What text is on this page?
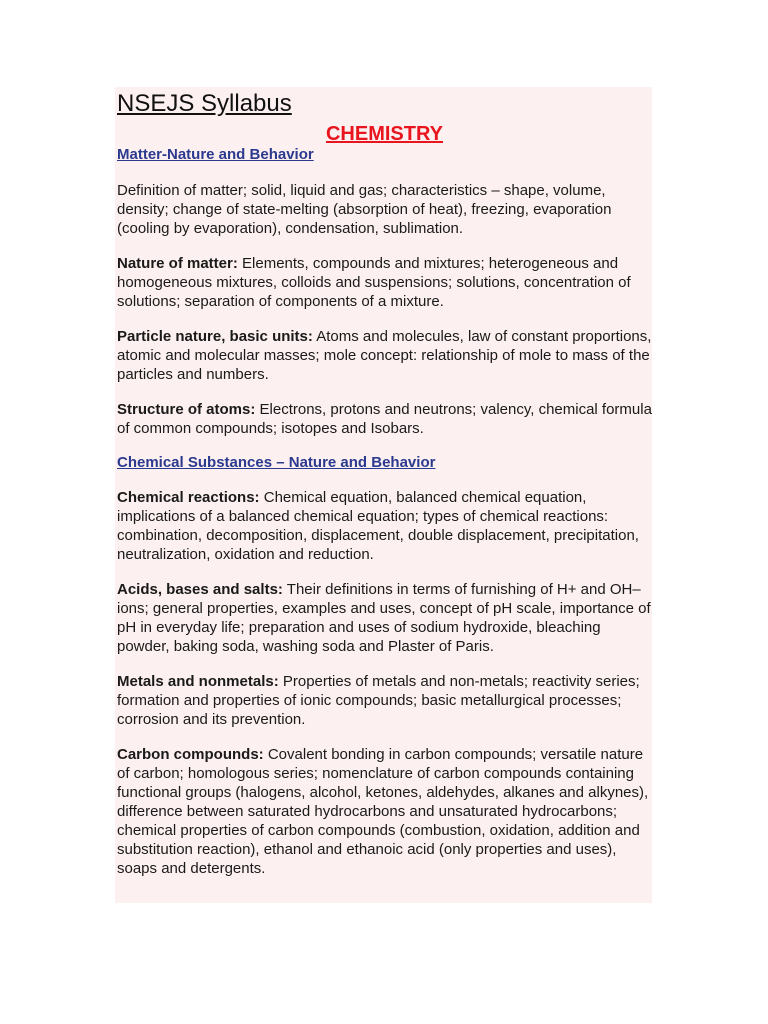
NSEJS Syllabus
CHEMISTRY
Matter-Nature and Behavior

Definition of matter; solid, liquid and gas; characteristics – shape, volume, density; change of state-melting (absorption of heat), freezing, evaporation (cooling by evaporation), condensation, sublimation.

Nature of matter: Elements, compounds and mixtures; heterogeneous and homogeneous mixtures, colloids and suspensions; solutions, concentration of solutions; separation of components of a mixture.

Particle nature, basic units: Atoms and molecules, law of constant proportions, atomic and molecular masses; mole concept: relationship of mole to mass of the particles and numbers.

Structure of atoms: Electrons, protons and neutrons; valency, chemical formula of common compounds; isotopes and Isobars.

Chemical Substances – Nature and Behavior

Chemical reactions: Chemical equation, balanced chemical equation, implications of a balanced chemical equation; types of chemical reactions: combination, decomposition, displacement, double displacement, precipitation, neutralization, oxidation and reduction.

Acids, bases and salts: Their definitions in terms of furnishing of H+ and OH– ions; general properties, examples and uses, concept of pH scale, importance of pH in everyday life; preparation and uses of sodium hydroxide, bleaching powder, baking soda, washing soda and Plaster of Paris.

Metals and nonmetals: Properties of metals and non-metals; reactivity series; formation and properties of ionic compounds; basic metallurgical processes; corrosion and its prevention.

Carbon compounds: Covalent bonding in carbon compounds; versatile nature of carbon; homologous series; nomenclature of carbon compounds containing functional groups (halogens, alcohol, ketones, aldehydes, alkanes and alkynes), difference between saturated hydrocarbons and unsaturated hydrocarbons; chemical properties of carbon compounds (combustion, oxidation, addition and substitution reaction), ethanol and ethanoic acid (only properties and uses), soaps and detergents.
